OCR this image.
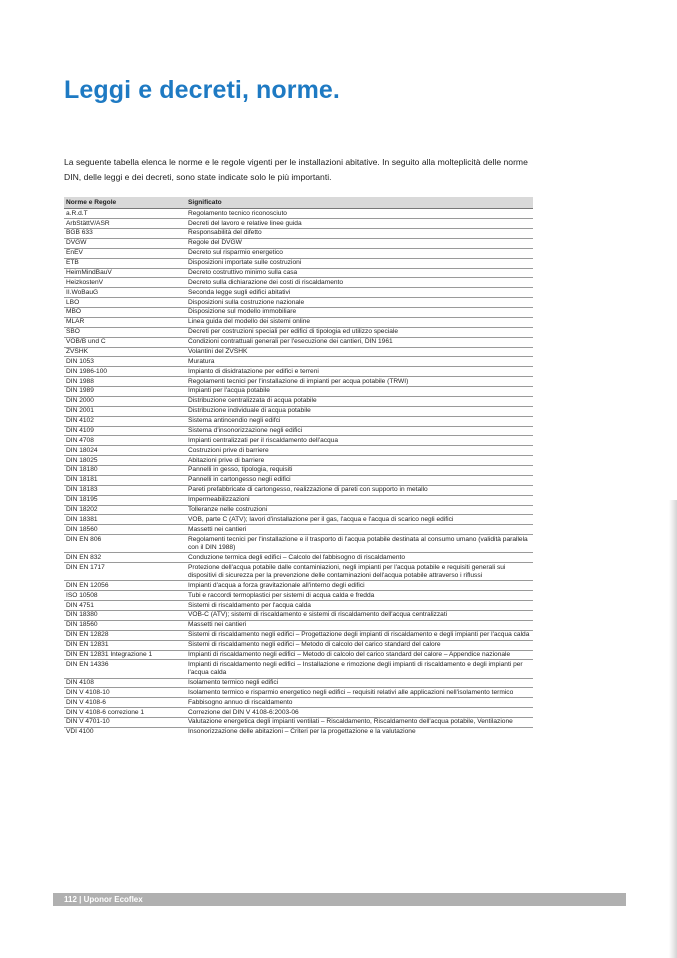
Leggi e decreti, norme.

La seguente tabella elenca le norme e le regole vigenti per le installazioni abitative. In seguito alla molteplicità delle norme DIN, delle leggi e dei decreti, sono state indicate solo le più importanti.

Norme e Regole	Significato
a.R.d.T	Regolamento tecnico riconosciuto
ArbStättV/ASR	Decreti del lavoro e relative linee guida
BGB 633	Responsabilità del difetto
DVGW	Regole del DVGW
EnEV	Decreto sul risparmio energetico
ETB	Disposizioni importate sulle costruzioni
HeimMindBauV	Decreto costruttivo minimo sulla casa
HeizkostenV	Decreto sulla dichiarazione dei costi di riscaldamento
II.WoBauG	Seconda legge sugli edifici abitativi
LBO	Disposizioni sulla costruzione nazionale
MBO	Disposizione sul modello immobiliare
MLAR	Linea guida del modello dei sistemi online
SBO	Decreti per costruzioni speciali per edifici di tipologia ed utilizzo speciale
VOB/B und C	Condizioni contrattuali generali per l'esecuzione dei cantieri, DIN 1961
ZVSHK	Volantini del ZVSHK
DIN 1053	Muratura
DIN 1986-100	Impianto di disidratazione per edifici e terreni
DIN 1988	Regolamenti tecnici per l'installazione di impianti per acqua potabile (TRWI)
DIN 1989	Impianti per l'acqua potabile
DIN 2000	Distribuzione centralizzata di acqua potabile
DIN 2001	Distribuzione individuale di acqua potabile
DIN 4102	Sistema antincendio negli edifci
DIN 4109	Sistema d'insonorizzazione negli edifici
DIN 4708	Impianti centralizzati per il riscaldamento dell'acqua
DIN 18024	Costruzioni prive di barriere
DIN 18025	Abitazioni prive di barriere
DIN 18180	Pannelli in gesso, tipologia, requisiti
DIN 18181	Pannelli in cartongesso negli edifici
DIN 18183	Pareti prefabbricate di cartongesso, realizzazione di pareti con supporto in metallo
DIN 18195	Impermeabilizzazioni
DIN 18202	Tolleranze nelle costruzioni
DIN 18381	VOB, parte C (ATV); lavori d'installazione per il gas, l'acqua e l'acqua di scarico negli edifici
DIN 18560	Massetti nei cantieri
DIN EN 806	Regolamenti tecnici per l'installazione e il trasporto di l'acqua potabile destinata al consumo umano (validità parallela con il DIN 1988)
DIN EN 832	Conduzione termica degli edifici – Calcolo del fabbisogno di riscaldamento
DIN EN 1717	Protezione dell'acqua potabile dalle contaminiazioni, negli impianti per l'acqua potabile e requisiti generali sui dispositivi di sicurezza per la prevenzione delle contaminazioni dell'acqua potabile attraverso i riflussi
DIN EN 12056	Impianti d'acqua a forza gravitazionale all'interno degli edifici
ISO 10508	Tubi e raccordi termoplastici per sistemi di acqua calda e fredda
DIN 4751	Sistemi di riscaldamento per l'acqua calda
DIN 18380	VOB-C (ATV); sistemi di riscaldamento e sistemi di riscaldamento dell'acqua centralizzati
DIN 18560	Massetti nei cantieri
DIN EN 12828	Sistemi di riscaldamento negli edifici – Progettazione degli impianti di riscaldamento e degli impianti per l'acqua calda
DIN EN 12831	Sistemi di riscaldamento negli edifici – Metodo di calcolo del carico standard del calore
DIN EN 12831 Integrazione 1	Impianti di riscaldamento negli edifici – Metodo di calcolo del carico standard del calore – Appendice nazionale
DIN EN 14336	Impianti di riscaldamento negli edifici – Installazione e rimozione degli impianti di riscaldamento e degli impianti per l'acqua calda
DIN 4108	Isolamento termico negli edifici
DIN V 4108-10	Isolamento termico e risparmio energetico negli edifici – requisiti relativi alle applicazioni nell'isolamento termico
DIN V 4108-6	Fabbisogno annuo di riscaldamento
DIN V 4108-6 correzione 1	Correzione del DIN V 4108-6:2003-06
DIN V 4701-10	Valutazione energetica degli impianti ventilati – Riscaldamento, Riscaldamento dell'acqua potabile, Ventilazione
VDI 4100	Insonorizzazione delle abitazioni – Criteri per la progettazione e la valutazione
112 | Uponor Ecoflex
